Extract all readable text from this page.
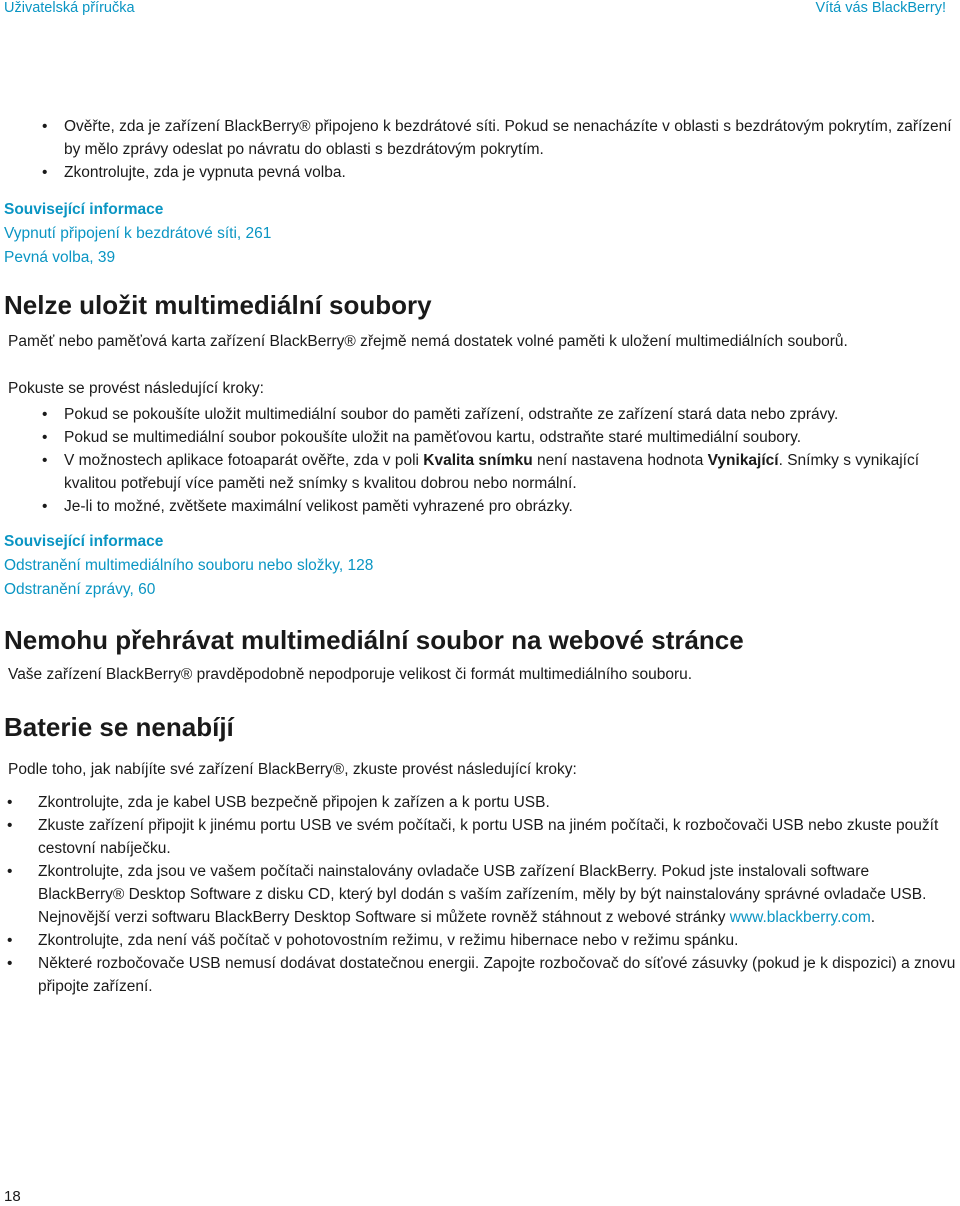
Uživatelská příručka	Vítá vás BlackBerry!
• Ověřte, zda je zařízení BlackBerry® připojeno k bezdrátové síti. Pokud se nenacházíte v oblasti s bezdrátovým pokrytím, zařízení by mělo zprávy odeslat po návratu do oblasti s bezdrátovým pokrytím.
• Zkontrolujte, zda je vypnuta pevná volba.

Související informace

Vypnutí připojení k bezdrátové síti, 261
Pevná volba, 39
Nelze uložit multimediální soubory

Paměť nebo paměťová karta zařízení BlackBerry® zřejmě nemá dostatek volné paměti k uložení multimediálních souborů.

Pokuste se provést následující kroky:

• Pokud se pokoušíte uložit multimediální soubor do paměti zařízení, odstraňte ze zařízení stará data nebo zprávy.
• Pokud se multimediální soubor pokoušíte uložit na paměťovou kartu, odstraňte staré multimediální soubory.
• V možnostech aplikace fotoaparát ověřte, zda v poli Kvalita snímku není nastavena hodnota Vynikající. Snímky s vynikající kvalitou potřebují více paměti než snímky s kvalitou dobrou nebo normální.
• Je-li to možné, zvětšete maximální velikost paměti vyhrazené pro obrázky.

Související informace

Odstranění multimediálního souboru nebo složky, 128
Odstranění zprávy, 60
Nemohu přehrávat multimediální soubor na webové stránce

Vaše zařízení BlackBerry® pravděpodobně nepodporuje velikost či formát multimediálního souboru.

Baterie se nenabíjí

Podle toho, jak nabíjíte své zařízení BlackBerry®, zkuste provést následující kroky:

• Zkontrolujte, zda je kabel USB bezpečně připojen k zařízen a k portu USB.
• Zkuste zařízení připojit k jinému portu USB ve svém počítači, k portu USB na jiném počítači, k rozbočovači USB nebo zkuste použít cestovní nabíječku.
• Zkontrolujte, zda jsou ve vašem počítači nainstalovány ovladače USB zařízení BlackBerry. Pokud jste instalovali software BlackBerry® Desktop Software z disku CD, který byl dodán s vaším zařízením, měly by být nainstalovány správné ovladače USB. Nejnovější verzi softwaru BlackBerry Desktop Software si můžete rovněž stáhnout z webové stránky www.blackberry.com.
• Zkontrolujte, zda není váš počítač v pohotovostním režimu, v režimu hibernace nebo v režimu spánku.
• Některé rozbočovače USB nemusí dodávat dostatečnou energii. Zapojte rozbočovač do síťové zásuvky (pokud je k dispozici) a znovu připojte zařízení.
18
